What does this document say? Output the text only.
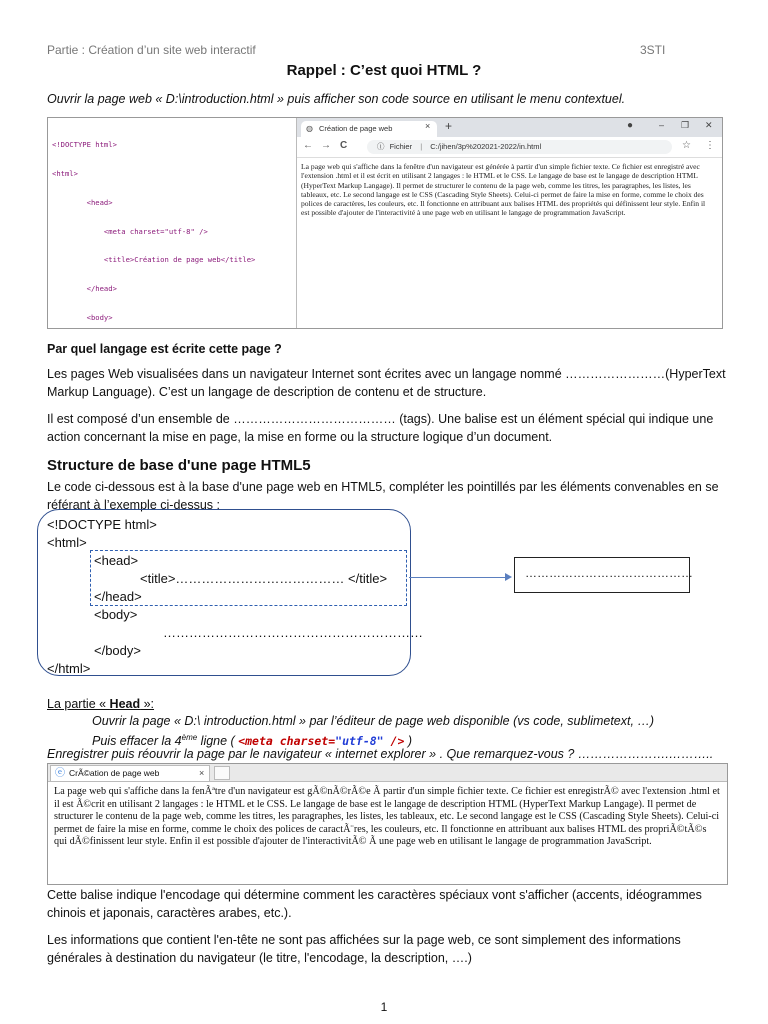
Partie : Création d’un site web interactif	3STI
Rappel : C’est quoi HTML ?
Ouvrir la page web « D:\introduction.html » puis afficher son code source en utilisant le menu contextuel.

<!DOCTYPE html>

<html>

<head>

<meta charset="utf-8" />

<title>Création de page web</title>

</head>

<body>

◍ Création de page web	× +	●	– ❐ ✕
← → C	ⓘ Fichier | C:/jihen/3p%202021-2022/in.html	☆ ⋮
La page web qui s'affiche dans la fenêtre d'un navigateur est générée à partir d'un simple fichier texte. Ce fichier est enregistré avec l'extension .html et il est écrit en utilisant 2 langages : le HTML et le CSS. Le langage de base est le langage de description HTML (HyperText Markup Langage). Il permet de structurer le contenu de la page web, comme les titres, les paragraphes, les listes, les tableaux, etc. Le second langage est le CSS (Cascading Style Sheets). Celui-ci permet de faire la mise en forme, comme le choix des polices de caractères, les couleurs, etc. Il fonctionne en attribuant aux balises HTML des propriétés qui définissent leur style. Enfin il est possible d'ajouter de l'interactivité à une page web en utilisant le langage de programmation JavaScript.
Par quel langage est écrite cette page ?
Les pages Web visualisées dans un navigateur Internet sont écrites avec un langage nommé ……………………(HyperText Markup Language). C’est un langage de description de contenu et de structure.
Il est composé d’un ensemble de ………………………………… (tags). Une balise est un élément spécial qui indique une action concernant la mise en page, la mise en forme ou la structure logique d’un document.
Structure de base d'une page HTML5
Le code ci-dessous est à la base d'une page web en HTML5, compléter les pointillés par les éléments convenables en se référant à l’exemple ci-dessus :
<!DOCTYPE html>
<html>
<head>
<title>………………………………… </title>
</head>
<body>
……………………………………………………
</body>
</html>
……………………………………
La partie « Head »:
Ouvrir la page « D:\ introduction.html » par l’éditeur de page web disponible (vs code, sublimetext, …)
Puis effacer la 4ème ligne ( <meta charset="utf-8" /> )
Enregistrer puis réouvrir la page par le navigateur « internet explorer » . Que remarquez-vous ? ………………….………..
ⓔ CrÃ©ation de page web	×
La page web qui s'affiche dans la fenÃªtre d'un navigateur est gÃ©nÃ©rÃ©e Ã partir d'un simple fichier texte. Ce fichier est enregistrÃ© avec l'extension .html et il est Ã©crit en utilisant 2 langages : le HTML et le CSS. Le langage de base est le langage de description HTML (HyperText Markup Langage). Il permet de structurer le contenu de la page web, comme les titres, les paragraphes, les listes, les tableaux, etc. Le second langage est le CSS (Cascading Style Sheets). Celui-ci permet de faire la mise en forme, comme le choix des polices de caractÃ¨res, les couleurs, etc. Il fonctionne en attribuant aux balises HTML des propriÃ©tÃ©s qui dÃ©finissent leur style. Enfin il est possible d'ajouter de l'interactivitÃ© Ã une page web en utilisant le langage de programmation JavaScript.
Cette balise indique l'encodage qui détermine comment les caractères spéciaux vont s'afficher (accents, idéogrammes chinois et japonais, caractères arabes, etc.).
Les informations que contient l'en-tête ne sont pas affichées sur la page web, ce sont simplement des informations générales à destination du navigateur (le titre, l'encodage, la description, ….)
1
